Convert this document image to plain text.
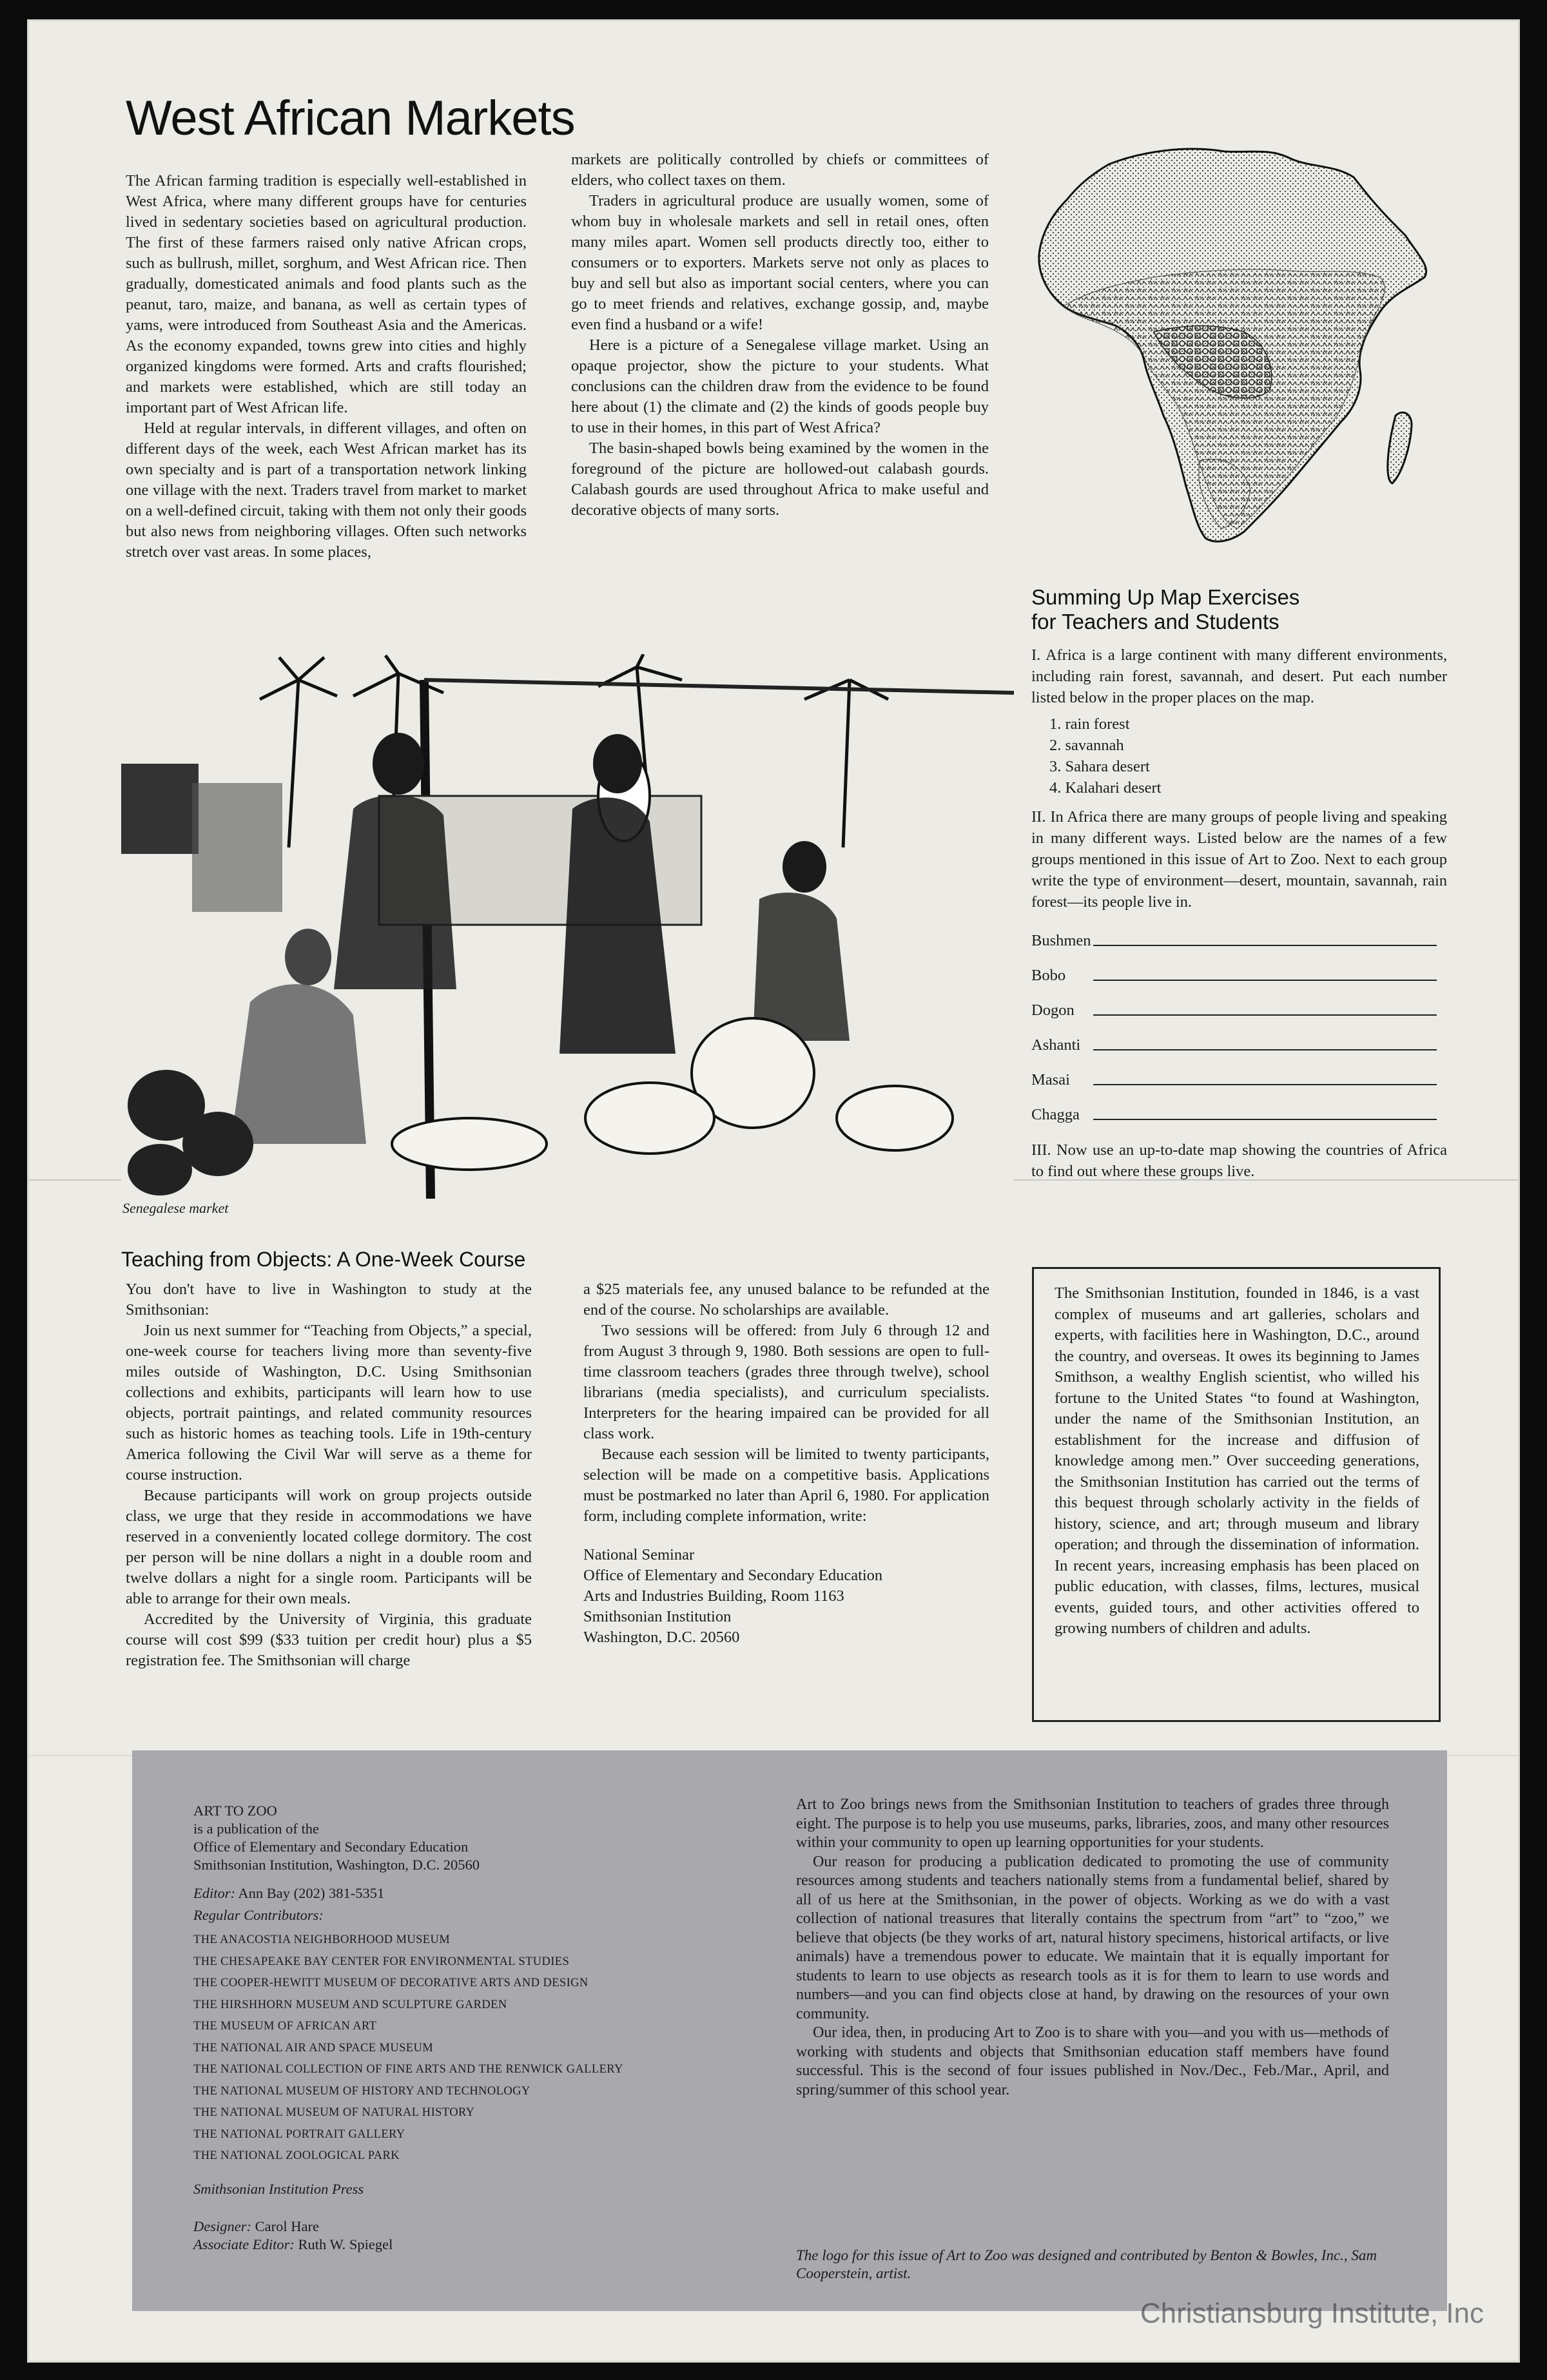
West African Markets

The African farming tradition is especially well-established in West Africa, where many different groups have for centuries lived in sedentary societies based on agricultural production. The first of these farmers raised only native African crops, such as bullrush, millet, sorghum, and West African rice. Then gradually, domesticated animals and food plants such as the peanut, taro, maize, and banana, as well as certain types of yams, were introduced from Southeast Asia and the Americas. As the economy expanded, towns grew into cities and highly organized kingdoms were formed. Arts and crafts flourished; and markets were established, which are still today an important part of West African life.

Held at regular intervals, in different villages, and often on different days of the week, each West African market has its own specialty and is part of a transportation network linking one village with the next. Traders travel from market to market on a well-defined circuit, taking with them not only their goods but also news from neighboring villages. Often such networks stretch over vast areas. In some places,

markets are politically controlled by chiefs or committees of elders, who collect taxes on them.

Traders in agricultural produce are usually women, some of whom buy in wholesale markets and sell in retail ones, often many miles apart. Women sell products directly too, either to consumers or to exporters. Markets serve not only as places to buy and sell but also as important social centers, where you can go to meet friends and relatives, exchange gossip, and, maybe even find a husband or a wife!

Here is a picture of a Senegalese village market. Using an opaque projector, show the picture to your students. What conclusions can the children draw from the evidence to be found here about (1) the climate and (2) the kinds of goods people buy to use in their homes, in this part of West Africa?

The basin-shaped bowls being examined by the women in the foreground of the picture are hollowed-out calabash gourds. Calabash gourds are used throughout Africa to make useful and decorative objects of many sorts.

Summing Up Map Exercises
for Teachers and Students

I. Africa is a large continent with many different environments, including rain forest, savannah, and desert. Put each number listed below in the proper places on the map.

1. rain forest
2. savannah
3. Sahara desert
4. Kalahari desert

II. In Africa there are many groups of people living and speaking in many different ways. Listed below are the names of a few groups mentioned in this issue of Art to Zoo. Next to each group write the type of environment—desert, mountain, savannah, rain forest—its people live in.

Bushmen
Bobo
Dogon
Ashanti
Masai
Chagga

III. Now use an up-to-date map showing the countries of Africa to find out where these groups live.

Senegalese market
Teaching from Objects: A One-Week Course

You don't have to live in Washington to study at the Smithsonian:

Join us next summer for “Teaching from Objects,” a special, one-week course for teachers living more than seventy-five miles outside of Washington, D.C. Using Smithsonian collections and exhibits, participants will learn how to use objects, portrait paintings, and related community resources such as historic homes as teaching tools. Life in 19th-century America following the Civil War will serve as a theme for course instruction.

Because participants will work on group projects outside class, we urge that they reside in accommodations we have reserved in a conveniently located college dormitory. The cost per person will be nine dollars a night in a double room and twelve dollars a night for a single room. Participants will be able to arrange for their own meals.

Accredited by the University of Virginia, this graduate course will cost $99 ($33 tuition per credit hour) plus a $5 registration fee. The Smithsonian will charge

a $25 materials fee, any unused balance to be refunded at the end of the course. No scholarships are available.

Two sessions will be offered: from July 6 through 12 and from August 3 through 9, 1980. Both sessions are open to full-time classroom teachers (grades three through twelve), school librarians (media specialists), and curriculum specialists. Interpreters for the hearing impaired can be provided for all class work.

Because each session will be limited to twenty participants, selection will be made on a competitive basis. Applications must be postmarked no later than April 6, 1980. For application form, including complete information, write:

National Seminar
Office of Elementary and Secondary Education
Arts and Industries Building, Room 1163
Smithsonian Institution
Washington, D.C. 20560

The Smithsonian Institution, founded in 1846, is a vast complex of museums and art galleries, scholars and experts, with facilities here in Washington, D.C., around the country, and overseas. It owes its beginning to James Smithson, a wealthy English scientist, who willed his fortune to the United States “to found at Washington, under the name of the Smithsonian Institution, an establishment for the increase and diffusion of knowledge among men.” Over succeeding generations, the Smithsonian Institution has carried out the terms of this bequest through scholarly activity in the fields of history, science, and art; through museum and library operation; and through the dissemination of information. In recent years, increasing emphasis has been placed on public education, with classes, films, lectures, musical events, guided tours, and other activities offered to growing numbers of children and adults.

ART TO ZOO
is a publication of the
Office of Elementary and Secondary Education
Smithsonian Institution, Washington, D.C. 20560
Editor: Ann Bay (202) 381-5351
Regular Contributors:
THE ANACOSTIA NEIGHBORHOOD MUSEUM
THE CHESAPEAKE BAY CENTER FOR ENVIRONMENTAL STUDIES
THE COOPER-HEWITT MUSEUM OF DECORATIVE ARTS AND DESIGN
THE HIRSHHORN MUSEUM AND SCULPTURE GARDEN
THE MUSEUM OF AFRICAN ART
THE NATIONAL AIR AND SPACE MUSEUM
THE NATIONAL COLLECTION OF FINE ARTS AND THE RENWICK GALLERY
THE NATIONAL MUSEUM OF HISTORY AND TECHNOLOGY
THE NATIONAL MUSEUM OF NATURAL HISTORY
THE NATIONAL PORTRAIT GALLERY
THE NATIONAL ZOOLOGICAL PARK
Smithsonian Institution Press
Designer: Carol Hare
Associate Editor: Ruth W. Spiegel

Art to Zoo brings news from the Smithsonian Institution to teachers of grades three through eight. The purpose is to help you use museums, parks, libraries, zoos, and many other resources within your community to open up learning opportunities for your students.

Our reason for producing a publication dedicated to promoting the use of community resources among students and teachers nationally stems from a fundamental belief, shared by all of us here at the Smithsonian, in the power of objects. Working as we do with a vast collection of national treasures that literally contains the spectrum from “art” to “zoo,” we believe that objects (be they works of art, natural history specimens, historical artifacts, or live animals) have a tremendous power to educate. We maintain that it is equally important for students to learn to use objects as research tools as it is for them to learn to use words and numbers—and you can find objects close at hand, by drawing on the resources of your own community.

Our idea, then, in producing Art to Zoo is to share with you—and you with us—methods of working with students and objects that Smithsonian education staff members have found successful. This is the second of four issues published in Nov./Dec., Feb./Mar., April, and spring/summer of this school year.

The logo for this issue of Art to Zoo was designed and contributed by Benton & Bowles, Inc., Sam Cooperstein, artist.
Christiansburg Institute, Inc
